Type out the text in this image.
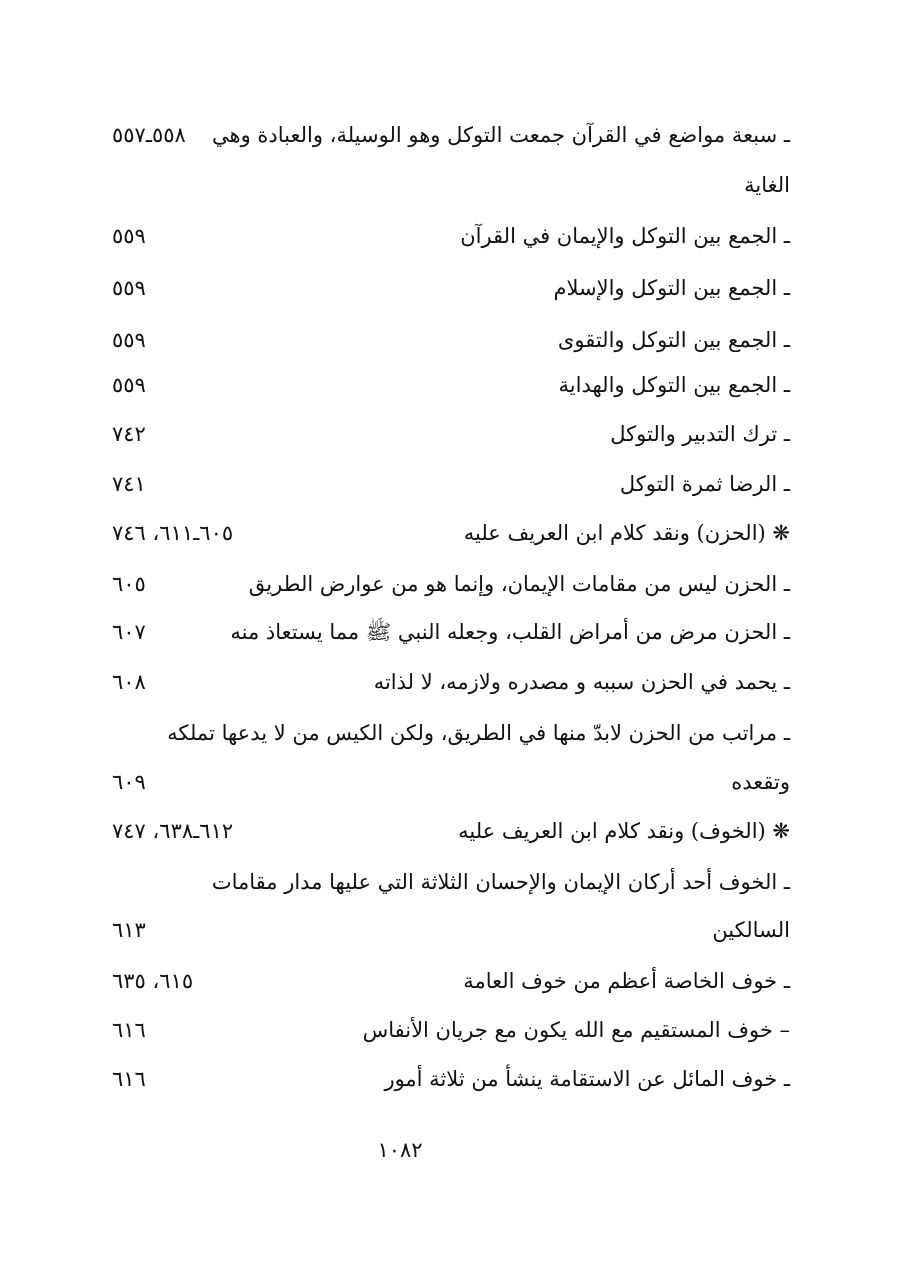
ـ سبعة مواضع في القرآن جمعت التوكل وهو الوسيلة، والعبادة وهي
٥٥٨ـ٥٥٧
الغاية
ـ الجمع بين التوكل والإيمان في القرآن
٥٥٩
ـ الجمع بين التوكل والإسلام
٥٥٩
ـ الجمع بين التوكل والتقوى
٥٥٩
ـ الجمع بين التوكل والهداية
٥٥٩
ـ ترك التدبير والتوكل
٧٤٢
ـ الرضا ثمرة التوكل
٧٤١
❋ (الحزن) ونقد كلام ابن العريف عليه
٦٠٥ـ٦١١، ٧٤٦
ـ الحزن ليس من مقامات الإيمان، وإنما هو من عوارض الطريق
٦٠٥
ـ الحزن مرض من أمراض القلب، وجعله النبي ﷺ مما يستعاذ منه
٦٠٧
ـ يحمد في الحزن سببه و مصدره ولازمه، لا لذاته
٦٠٨
ـ مراتب من الحزن لابدّ منها في الطريق، ولكن الكيس من لا يدعها تملكه
وتقعده
٦٠٩
❋ (الخوف) ونقد كلام ابن العريف عليه
٦١٢ـ٦٣٨، ٧٤٧
ـ الخوف أحد أركان الإيمان والإحسان الثلاثة التي عليها مدار مقامات
السالكين
٦١٣
ـ خوف الخاصة أعظم من خوف العامة
٦١٥، ٦٣٥
– خوف المستقيم مع الله يكون مع جريان الأنفاس
٦١٦
ـ خوف المائل عن الاستقامة ينشأ من ثلاثة أمور
٦١٦
١٠٨٢
